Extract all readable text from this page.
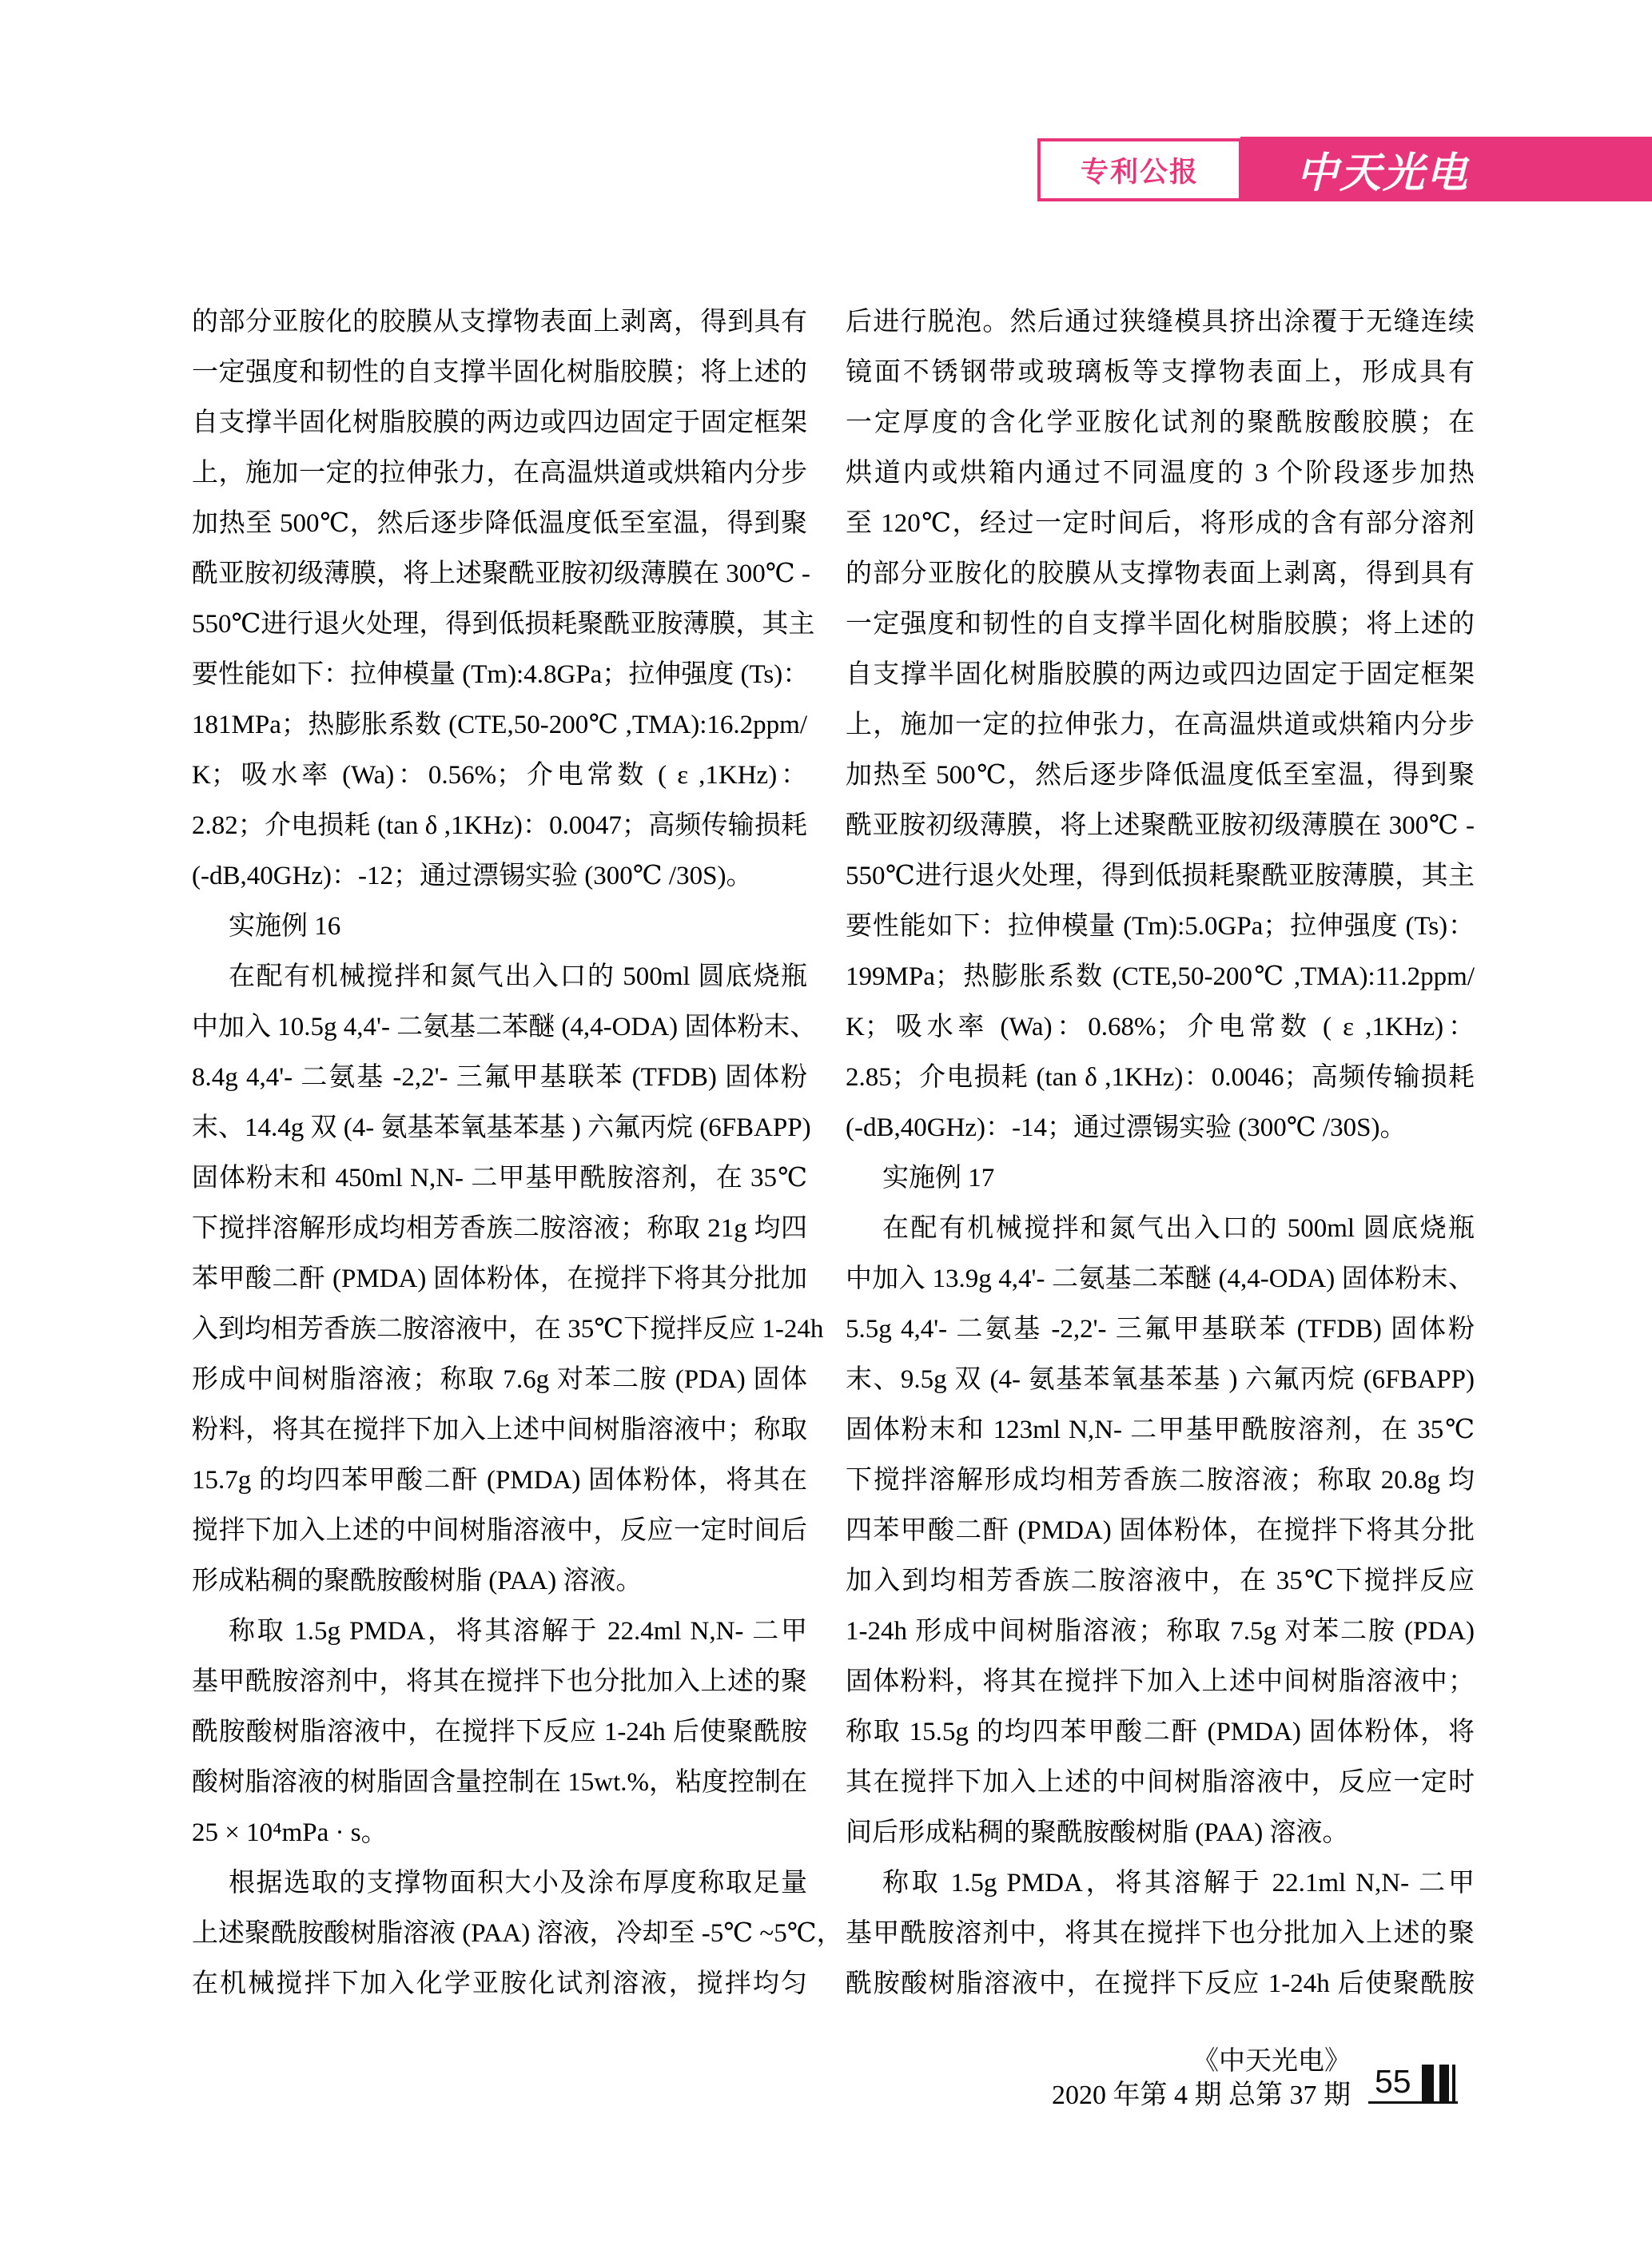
专利公报	中天光电
的部分亚胺化的胶膜从支撑物表面上剥离，得到具有
一定强度和韧性的自支撑半固化树脂胶膜；将上述的
自支撑半固化树脂胶膜的两边或四边固定于固定框架
上，施加一定的拉伸张力，在高温烘道或烘箱内分步
加热至 500℃，然后逐步降低温度低至室温，得到聚
酰亚胺初级薄膜，将上述聚酰亚胺初级薄膜在 300℃ -
550℃进行退火处理，得到低损耗聚酰亚胺薄膜，其主
要性能如下：拉伸模量 (Tm):4.8GPa；拉伸强度 (Ts)：
181MPa；热膨胀系数 (CTE,50-200℃ ,TMA):16.2ppm/
K；吸水率 (Wa)：0.56%；介电常数 ( ε ,1KHz)：
2.82；介电损耗 (tan δ ,1KHz)：0.0047；高频传输损耗
(-dB,40GHz)：-12；通过漂锡实验 (300℃ /30S)。
实施例 16
在配有机械搅拌和氮气出入口的 500ml 圆底烧瓶
中加入 10.5g 4,4'- 二氨基二苯醚 (4,4-ODA) 固体粉末、
8.4g 4,4'- 二氨基 -2,2'- 三氟甲基联苯 (TFDB) 固体粉
末、14.4g 双 (4- 氨基苯氧基苯基 ) 六氟丙烷 (6FBAPP)
固体粉末和 450ml N,N- 二甲基甲酰胺溶剂，在 35℃
下搅拌溶解形成均相芳香族二胺溶液；称取 21g 均四
苯甲酸二酐 (PMDA) 固体粉体，在搅拌下将其分批加
入到均相芳香族二胺溶液中，在 35℃下搅拌反应 1-24h
形成中间树脂溶液；称取 7.6g 对苯二胺 (PDA) 固体
粉料，将其在搅拌下加入上述中间树脂溶液中；称取
15.7g 的均四苯甲酸二酐 (PMDA) 固体粉体，将其在
搅拌下加入上述的中间树脂溶液中，反应一定时间后
形成粘稠的聚酰胺酸树脂 (PAA) 溶液。
称取 1.5g PMDA，将其溶解于 22.4ml N,N- 二甲
基甲酰胺溶剂中，将其在搅拌下也分批加入上述的聚
酰胺酸树脂溶液中，在搅拌下反应 1-24h 后使聚酰胺
酸树脂溶液的树脂固含量控制在 15wt.%，粘度控制在
25 × 10⁴mPa · s。
根据选取的支撑物面积大小及涂布厚度称取足量
上述聚酰胺酸树脂溶液 (PAA) 溶液，冷却至 -5℃ ~5℃，
在机械搅拌下加入化学亚胺化试剂溶液，搅拌均匀
后进行脱泡。然后通过狭缝模具挤出涂覆于无缝连续
镜面不锈钢带或玻璃板等支撑物表面上，形成具有
一定厚度的含化学亚胺化试剂的聚酰胺酸胶膜；在
烘道内或烘箱内通过不同温度的 3 个阶段逐步加热
至 120℃，经过一定时间后，将形成的含有部分溶剂
的部分亚胺化的胶膜从支撑物表面上剥离，得到具有
一定强度和韧性的自支撑半固化树脂胶膜；将上述的
自支撑半固化树脂胶膜的两边或四边固定于固定框架
上，施加一定的拉伸张力，在高温烘道或烘箱内分步
加热至 500℃，然后逐步降低温度低至室温，得到聚
酰亚胺初级薄膜，将上述聚酰亚胺初级薄膜在 300℃ -
550℃进行退火处理，得到低损耗聚酰亚胺薄膜，其主
要性能如下：拉伸模量 (Tm):5.0GPa；拉伸强度 (Ts)：
199MPa；热膨胀系数 (CTE,50-200℃ ,TMA):11.2ppm/
K；吸水率 (Wa)：0.68%；介电常数 ( ε ,1KHz)：
2.85；介电损耗 (tan δ ,1KHz)：0.0046；高频传输损耗
(-dB,40GHz)：-14；通过漂锡实验 (300℃ /30S)。
实施例 17
在配有机械搅拌和氮气出入口的 500ml 圆底烧瓶
中加入 13.9g 4,4'- 二氨基二苯醚 (4,4-ODA) 固体粉末、
5.5g 4,4'- 二氨基 -2,2'- 三氟甲基联苯 (TFDB) 固体粉
末、9.5g 双 (4- 氨基苯氧基苯基 ) 六氟丙烷 (6FBAPP)
固体粉末和 123ml N,N- 二甲基甲酰胺溶剂，在 35℃
下搅拌溶解形成均相芳香族二胺溶液；称取 20.8g 均
四苯甲酸二酐 (PMDA) 固体粉体，在搅拌下将其分批
加入到均相芳香族二胺溶液中，在 35℃下搅拌反应
1-24h 形成中间树脂溶液；称取 7.5g 对苯二胺 (PDA)
固体粉料，将其在搅拌下加入上述中间树脂溶液中；
称取 15.5g 的均四苯甲酸二酐 (PMDA) 固体粉体，将
其在搅拌下加入上述的中间树脂溶液中，反应一定时
间后形成粘稠的聚酰胺酸树脂 (PAA) 溶液。
称取 1.5g PMDA，将其溶解于 22.1ml N,N- 二甲
基甲酰胺溶剂中，将其在搅拌下也分批加入上述的聚
酰胺酸树脂溶液中，在搅拌下反应 1-24h 后使聚酰胺
《中天光电》
2020 年第 4 期 总第 37 期 55
